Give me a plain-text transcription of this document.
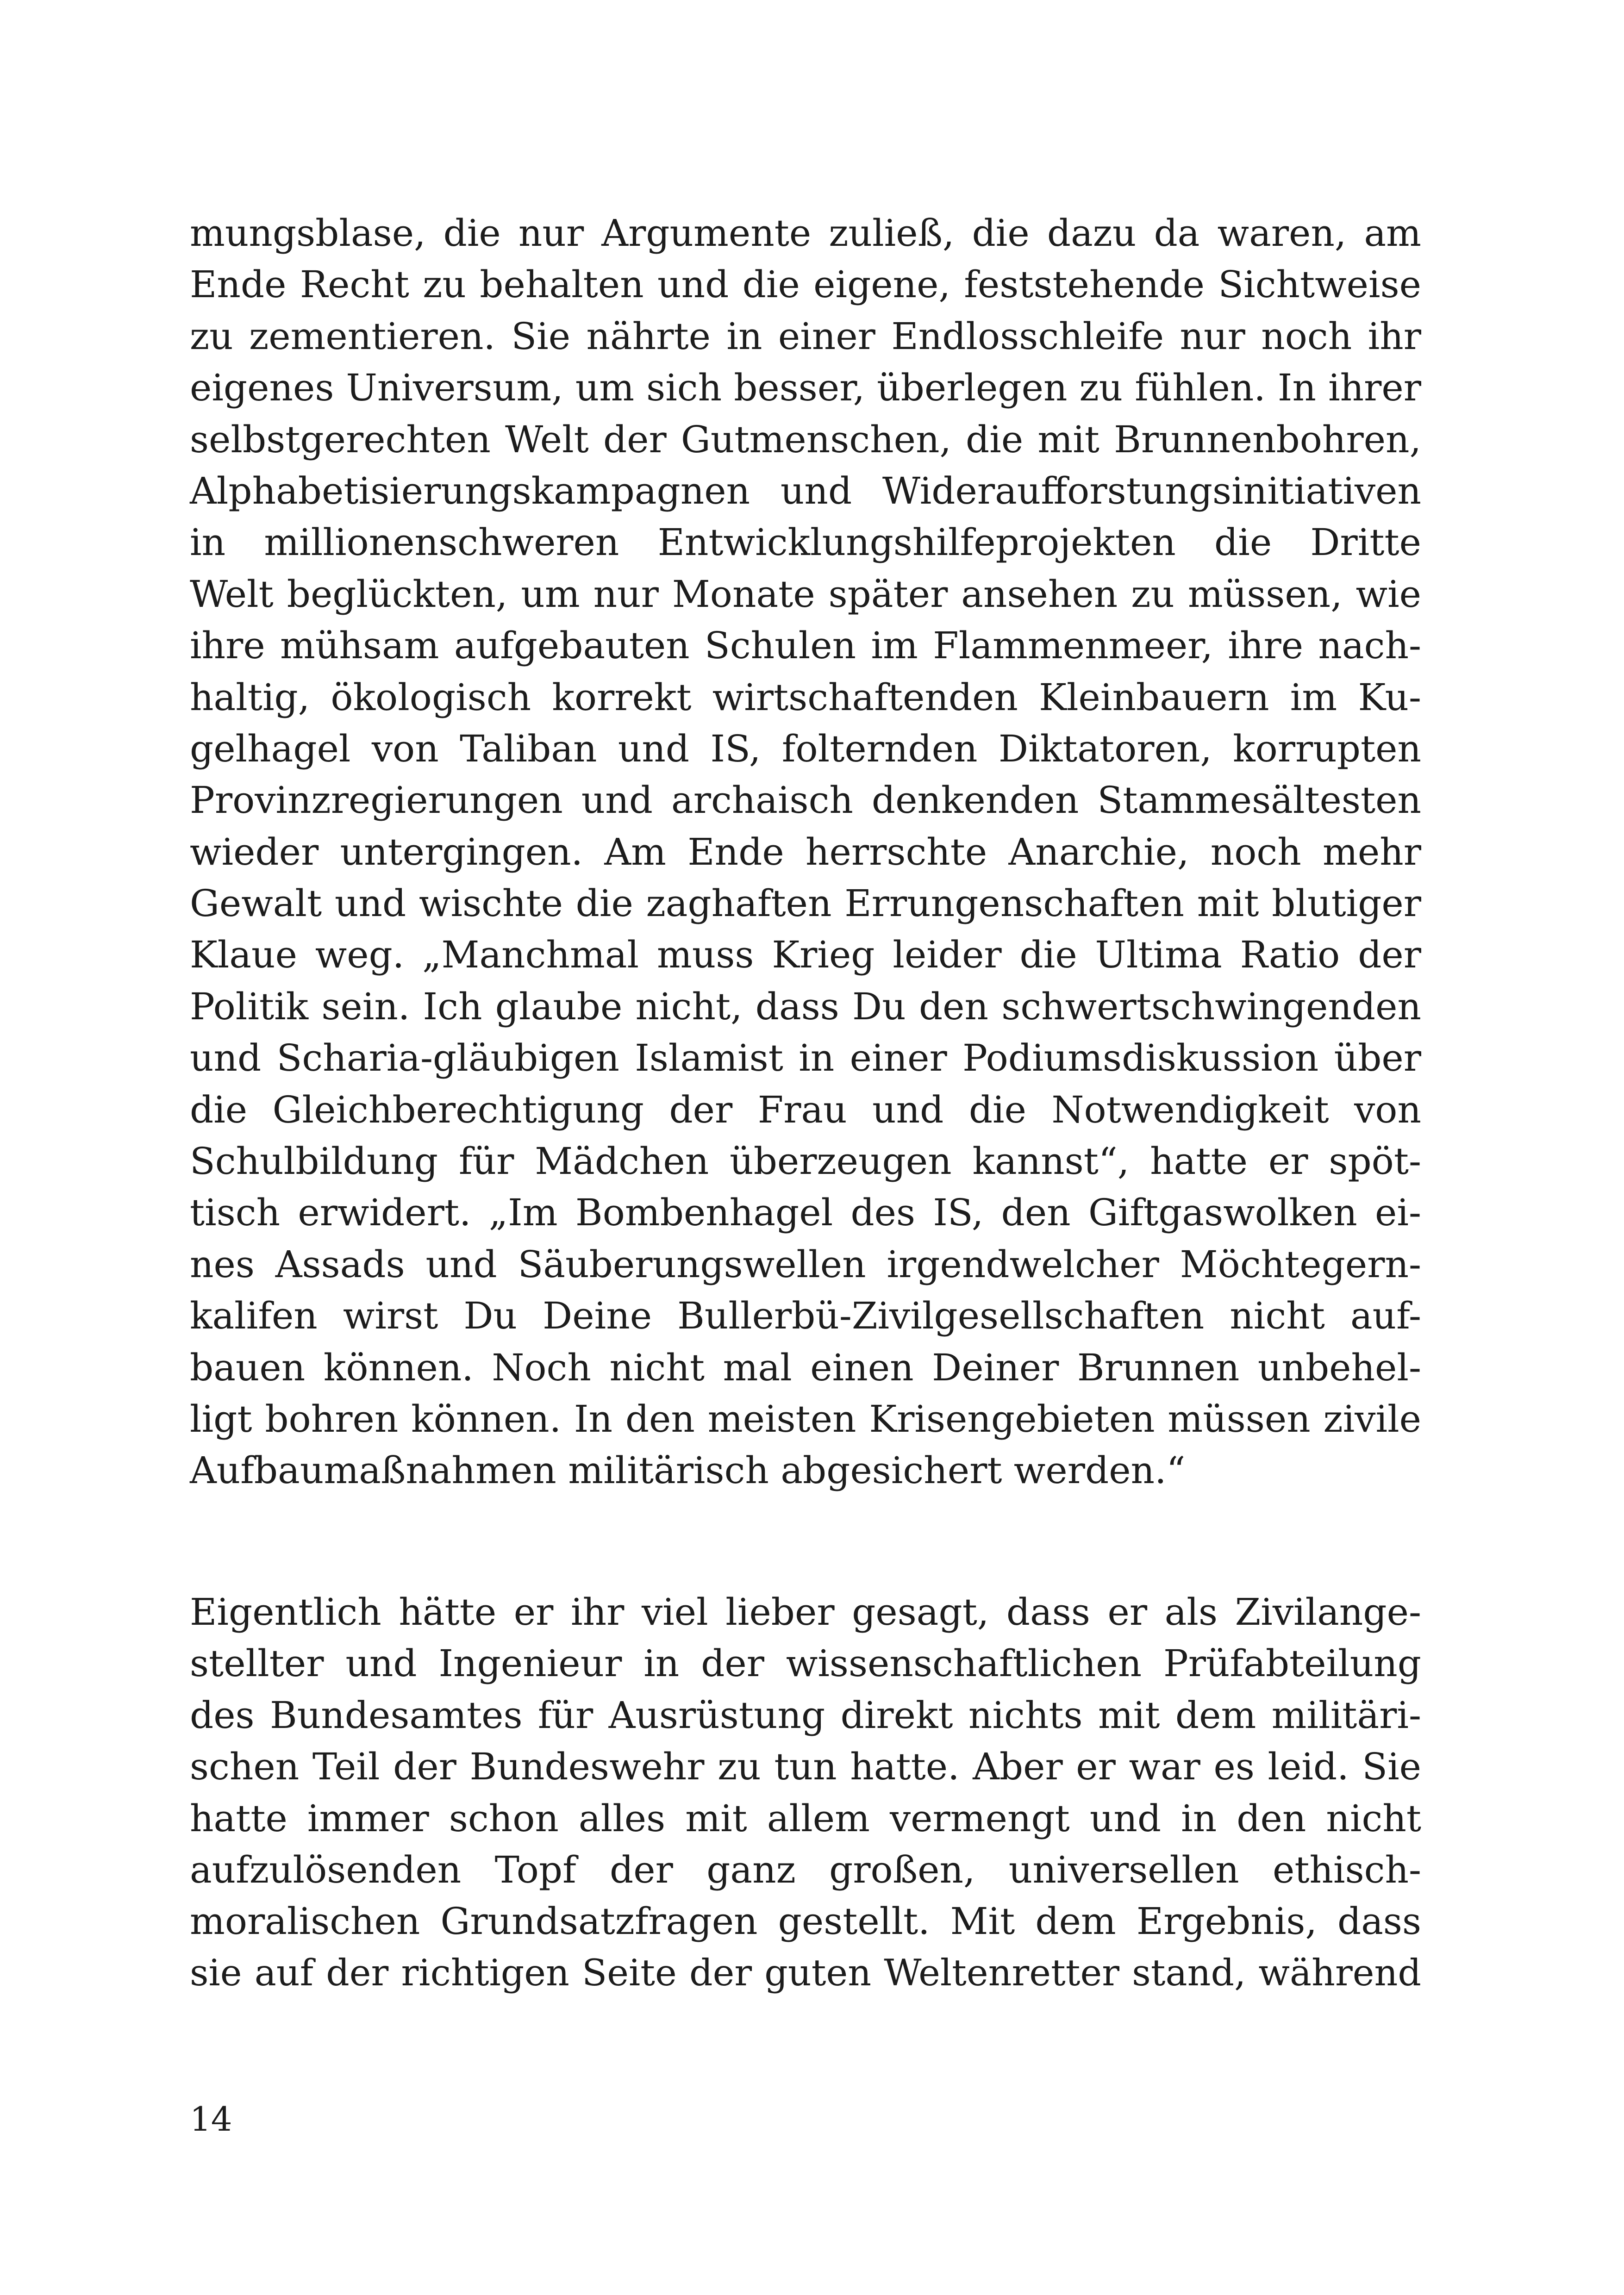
mungsblase, die nur Argumente zuließ, die dazu da waren, am
Ende Recht zu behalten und die eigene, feststehende Sichtweise
zu zementieren. Sie nährte in einer Endlosschleife nur noch ihr
eigenes Universum, um sich besser, überlegen zu fühlen. In ihrer
selbstgerechten Welt der Gutmenschen, die mit Brunnenbohren,
Alphabetisierungskampagnen und Wideraufforstungsinitiativen
in millionenschweren Entwicklungshilfeprojekten die Dritte
Welt beglückten, um nur Monate später ansehen zu müssen, wie
ihre mühsam aufgebauten Schulen im Flammenmeer, ihre nach-
haltig, ökologisch korrekt wirtschaftenden Kleinbauern im Ku-
gelhagel von Taliban und IS, folternden Diktatoren, korrupten
Provinzregierungen und archaisch denkenden Stammesältesten
wieder untergingen. Am Ende herrschte Anarchie, noch mehr
Gewalt und wischte die zaghaften Errungenschaften mit blutiger
Klaue weg. „Manchmal muss Krieg leider die Ultima Ratio der
Politik sein. Ich glaube nicht, dass Du den schwertschwingenden
und Scharia-gläubigen Islamist in einer Podiumsdiskussion über
die Gleichberechtigung der Frau und die Notwendigkeit von
Schulbildung für Mädchen überzeugen kannst“, hatte er spöt-
tisch erwidert. „Im Bombenhagel des IS, den Giftgaswolken ei-
nes Assads und Säuberungswellen irgendwelcher Möchtegern-
kalifen wirst Du Deine Bullerbü-Zivilgesellschaften nicht auf-
bauen können. Noch nicht mal einen Deiner Brunnen unbehel-
ligt bohren können. In den meisten Krisengebieten müssen zivile
Aufbaumaßnahmen militärisch abgesichert werden.“
Eigentlich hätte er ihr viel lieber gesagt, dass er als Zivilange-
stellter und Ingenieur in der wissenschaftlichen Prüfabteilung
des Bundesamtes für Ausrüstung direkt nichts mit dem militäri-
schen Teil der Bundeswehr zu tun hatte. Aber er war es leid. Sie
hatte immer schon alles mit allem vermengt und in den nicht
aufzulösenden Topf der ganz großen, universellen ethisch-
moralischen Grundsatzfragen gestellt. Mit dem Ergebnis, dass
sie auf der richtigen Seite der guten Weltenretter stand, während
14
